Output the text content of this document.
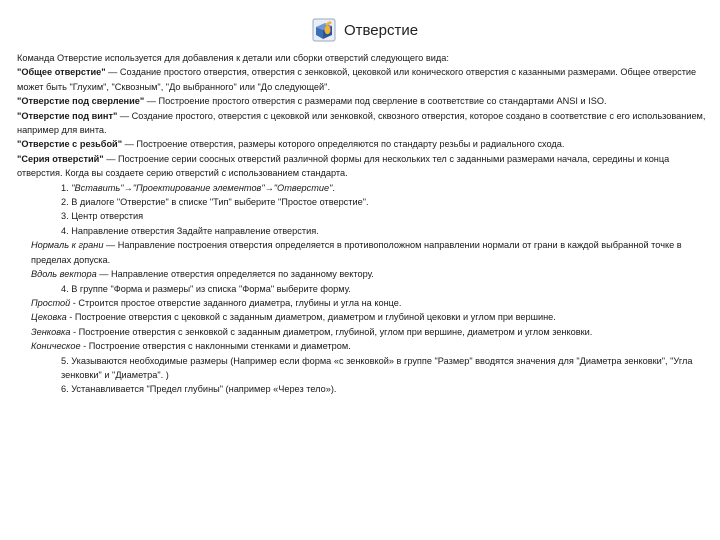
Отверстие

Команда Отверстие используется для добавления к детали или сборки отверстий следующего вида:

"Общее отверстие" — Создание простого отверстия, отверстия с зенковкой, цековкой или конического отверстия с казанными размерами. Общее отверстие может быть "Глухим", "Сквозным", "До выбранного" или "До следующей".

"Отверстие под сверление" — Построение простого отверстия с размерами под сверление в соответствие со стандартами ANSI и ISO.

"Отверстие под винт" — Создание простого, отверстия с цековкой или зенковкой, сквозного отверстия, которое создано в соответствие с его использованием, например для винта.

"Отверстие с резьбой" — Построение отверстия, размеры которого определяются по стандарту резьбы и радиального схода.

"Серия отверстий" — Построение серии соосных отверстий различной формы для нескольких тел с заданными размерами начала, середины и конца отверстия. Когда вы создаете серию отверстий с использованием стандарта.

1. "Вставить"→"Проектирование элементов"→"Отверстие".

2. В диалоге "Отверстие" в списке "Тип" выберите "Простое отверстие".

3. Центр отверстия

4. Направление отверстия Задайте направление отверстия.

Нормаль к грани — Направление построения отверстия определяется в противоположном направлении нормали от грани в каждой выбранной точке в пределах допуска.

Вдоль вектора — Направление отверстия определяется по заданному вектору.

4. В группе "Форма и размеры" из списка "Форма" выберите форму.

Простой - Строится простое отверстие заданного диаметра, глубины и угла на конце.

Цековка - Построение отверстия с цековкой с заданным диаметром, диаметром и глубиной цековки и углом при вершине.

Зенковка - Построение отверстия с зенковкой с заданным диаметром, глубиной, углом при вершине, диаметром и углом зенковки.

Коническое - Построение отверстия с наклонными стенками и диаметром.

5. Указываются необходимые размеры (Например если форма «с зенковкой» в группе "Размер" вводятся значения для "Диаметра зенковки", "Угла зенковки" и "Диаметра". )

6. Устанавливается "Предел глубины" (например «Через тело»).
